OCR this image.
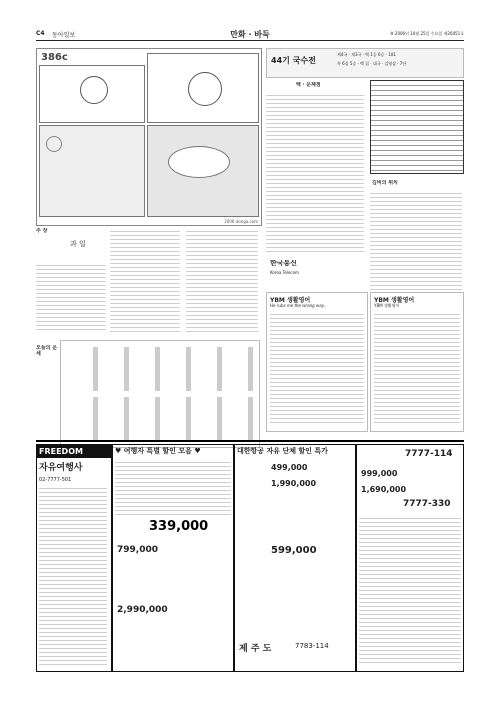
C4 동아일보	만화 · 바둑	※ 2006년 10월 25일 수요일 제26451호
386c
2006 donga.com
주 장
과 일
오늘의 운세
44기 국수전
제4국 · 제3국 · 백 1승 6승 · 101
흑 6집 5승 · 백 집 · 대국 · 김영삼 · 7단
백 · 문제점
김비의 위치
한국통신
Korea Telecom
YBM 생활영어
He rubs me the wrong way.
YBM 생활영어
YBM 생활영어
FREEDOM
자유여행사
02-7777-501
♥ 여행자 특별 할인 모음 ♥
339,000
799,000
2,990,000
대한항공 자유 단체 할인 특가
499,000
1,990,000
599,000
제 주 도	7783-114
7777-114
7777-330
999,000
1,690,000
